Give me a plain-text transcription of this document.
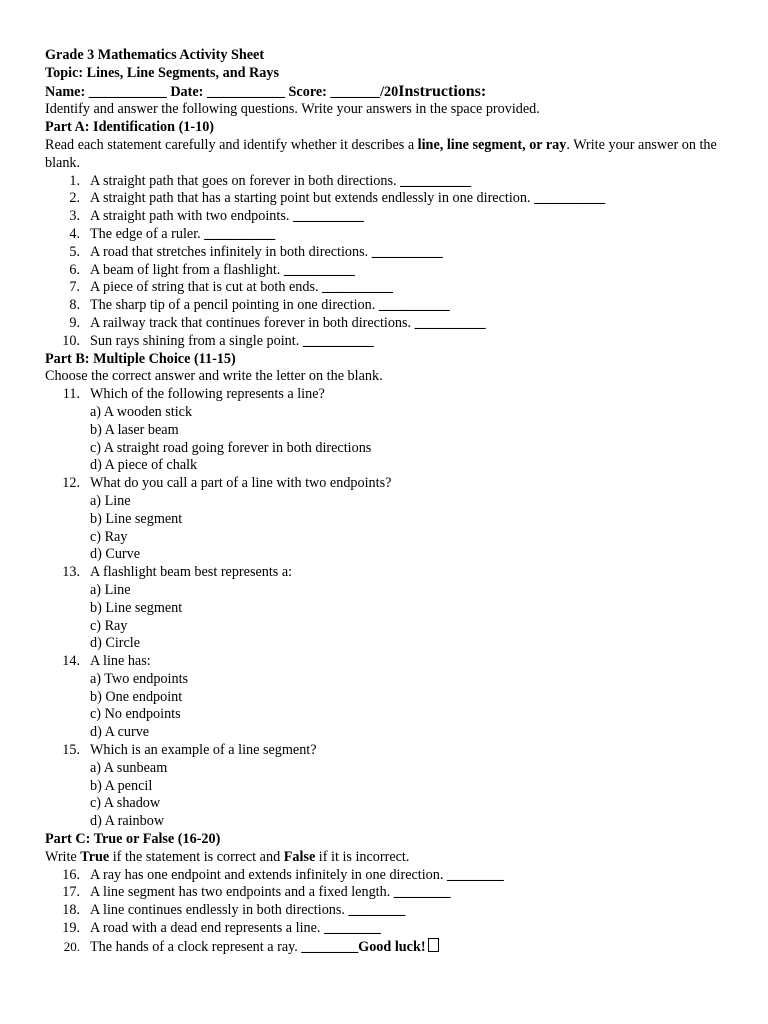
Grade 3 Mathematics Activity Sheet
Topic: Lines, Line Segments, and Rays
Name: ___________ Date: ___________ Score: _______/20Instructions:
Identify and answer the following questions. Write your answers in the space provided.
Part A: Identification (1-10)
Read each statement carefully and identify whether it describes a line, line segment, or ray. Write your answer on the blank.
1. A straight path that goes on forever in both directions. __________
2. A straight path that has a starting point but extends endlessly in one direction. __________
3. A straight path with two endpoints. __________
4. The edge of a ruler. __________
5. A road that stretches infinitely in both directions. __________
6. A beam of light from a flashlight. __________
7. A piece of string that is cut at both ends. __________
8. The sharp tip of a pencil pointing in one direction. __________
9. A railway track that continues forever in both directions. __________
10. Sun rays shining from a single point. __________
Part B: Multiple Choice (11-15)
Choose the correct answer and write the letter on the blank.
11. Which of the following represents a line?
a) A wooden stick
b) A laser beam
c) A straight road going forever in both directions
d) A piece of chalk
12. What do you call a part of a line with two endpoints?
a) Line
b) Line segment
c) Ray
d) Curve
13. A flashlight beam best represents a:
a) Line
b) Line segment
c) Ray
d) Circle
14. A line has:
a) Two endpoints
b) One endpoint
c) No endpoints
d) A curve
15. Which is an example of a line segment?
a) A sunbeam
b) A pencil
c) A shadow
d) A rainbow
Part C: True or False (16-20)
Write True if the statement is correct and False if it is incorrect.
16. A ray has one endpoint and extends infinitely in one direction. ________
17. A line segment has two endpoints and a fixed length. ________
18. A line continues endlessly in both directions. ________
19. A road with a dead end represents a line. ________
20. The hands of a clock represent a ray. ________Good luck!
